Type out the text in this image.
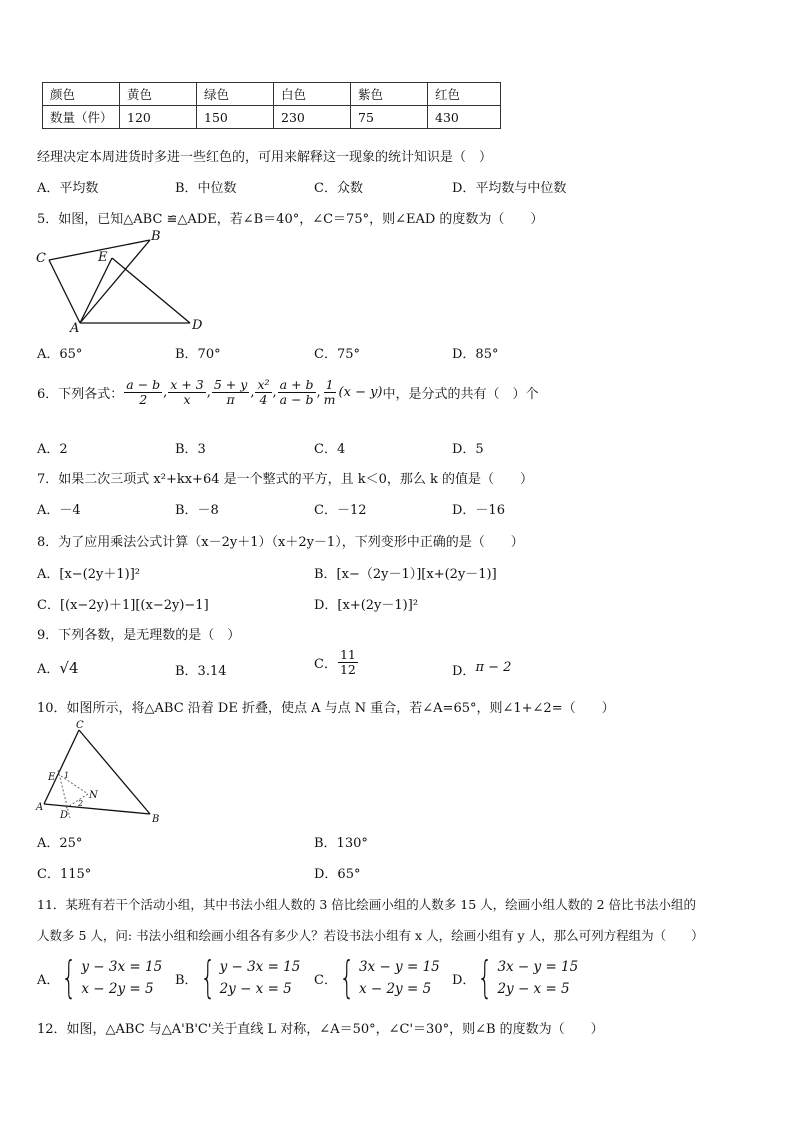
颜色	黄色	绿色	白色	紫色	红色
数量（件）	120	150	230	75	430
经理决定本周进货时多进一些红色的，可用来解释这一现象的统计知识是（　）
A．平均数	B．中位数	C．众数	D．平均数与中位数
5．如图，已知△ABC ≌△ADE，若∠B＝40°，∠C＝75°，则∠EAD 的度数为（　　）
C
B
E
A	D
A．65°	B．70°	C．75°	D．85°
6．下列各式： $\frac{a - b}{2}$ , $\frac{x + 3}{x}$ , $\frac{5 + y}{\pi}$ , $\frac{\text{x²}}{4}$ , $\frac{a + b}{a - b}$ , $\frac{1}{m} (x - y)$ 中，是分式的共有（　）个
A．2	B．3	C．4	D．5
7．如果二次三项式 x²+kx+64 是一个整式的平方，且 k＜0，那么 k 的值是（　　）
A．－4	B．－8	C．－12	D．－16
8．为了应用乘法公式计算（x－2y＋1）（x＋2y－1），下列变形中正确的是（　　）
A．[x−(2y＋1)]²	B．[x−（2y－1）][x+(2y－1)]
C．[(x−2y)＋1][(x−2y)−1]	D．[x+(2y－1)]²
9．下列各数，是无理数的是（　）
A． √4	B．3.14	C． $\frac{11}{12}$	D． π − 2
10．如图所示，将△ABC 沿着 DE 折叠，使点 A 与点 N 重合，若∠A=65°，则∠1+∠2=（　　）
C
E 1
N
2
A
D	B
A．25°	B．130°
C．115°	D．65°
11．某班有若干个活动小组，其中书法小组人数的 3 倍比绘画小组的人数多 15 人，绘画小组人数的 2 倍比书法小组的
人数多 5 人，问: 书法小组和绘画小组各有多少人？若设书法小组有 x 人，绘画小组有 y 人，那么可列方程组为（　　）
A． { y − 3x = 15
x − 2y = 5
B． { y − 3x = 15
2y − x = 5
C． { 3x − y = 15
x − 2y = 5
D． { 3x − y = 15
2y − x = 5
12．如图，△ABC 与△A'B'C'关于直线 L 对称，∠A＝50°，∠C'＝30°，则∠B 的度数为（　　）
